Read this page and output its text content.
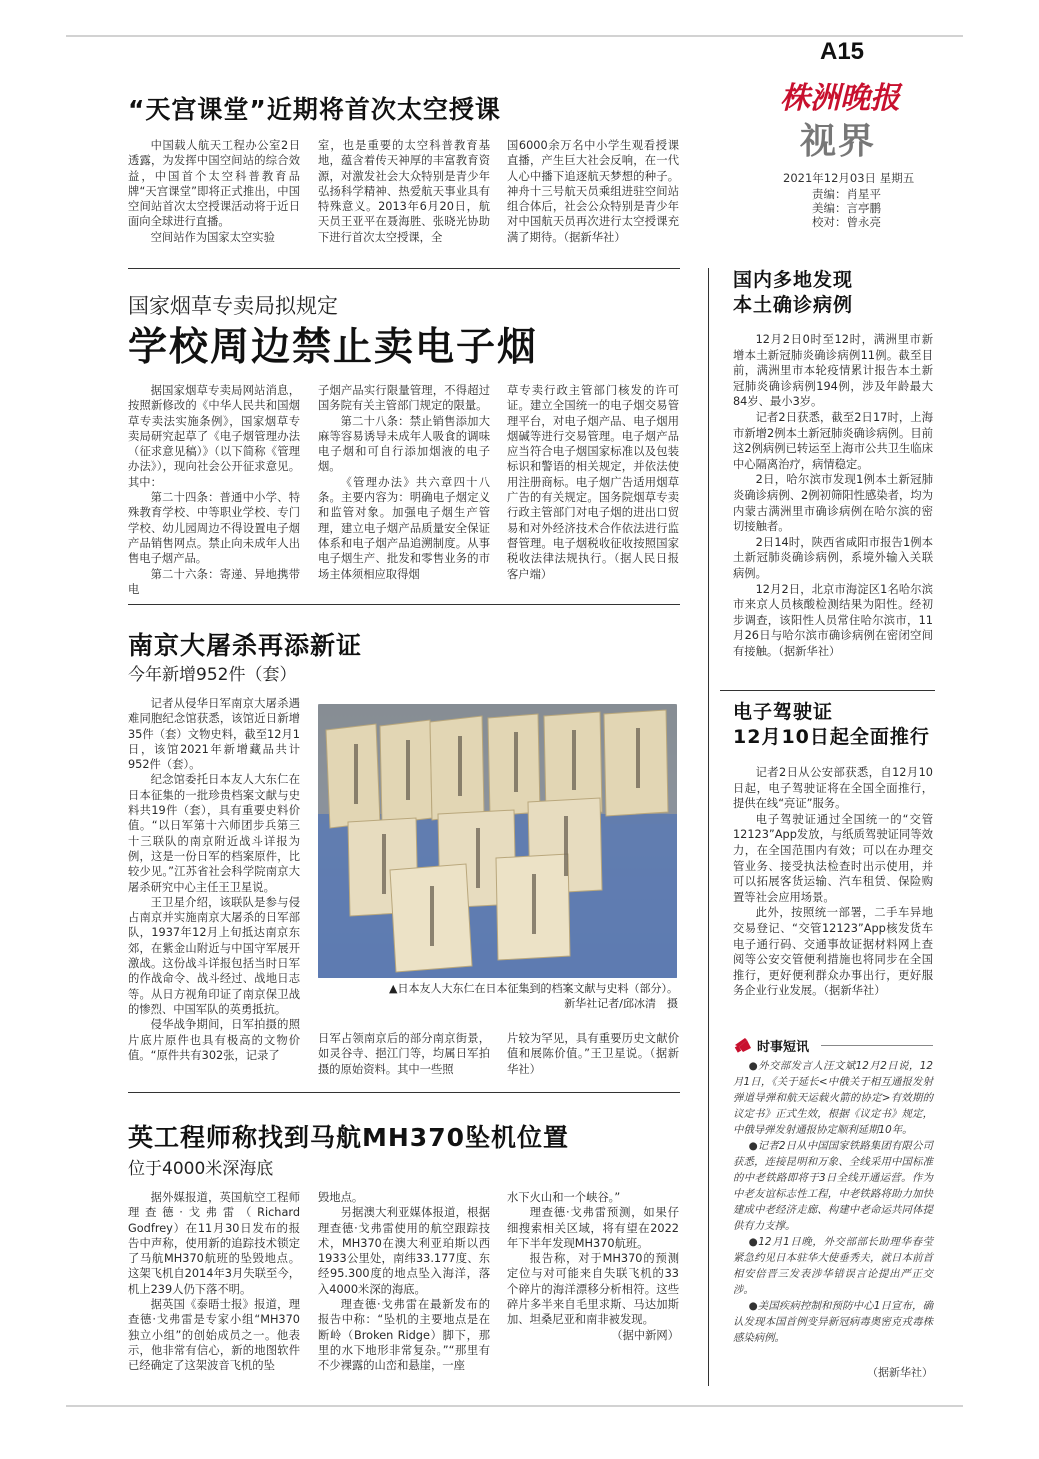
A15
株洲晚报
视界
2021年12月03日 星期五
责编：肖星平
美编：言亭鹏
校对：曾永亮
“天宫课堂”近期将首次太空授课

中国载人航天工程办公室2日透露，为发挥中国空间站的综合效益，中国首个太空科普教育品牌“天宫课堂”即将正式推出，中国空间站首次太空授课活动将于近日面向全球进行直播。

空间站作为国家太空实验

室，也是重要的太空科普教育基地，蕴含着传天神厚的丰富教育资源，对激发社会大众特别是青少年弘扬科学精神、热爱航天事业具有特殊意义。2013年6月20日，航天员王亚平在聂海胜、张晓光协助下进行首次太空授课，全

国6000余万名中小学生观看授课直播，产生巨大社会反响，在一代人心中播下追逐航天梦想的种子。神舟十三号航天员乘组进驻空间站组合体后，社会公众特别是青少年对中国航天员再次进行太空授课充满了期待。（据新华社）

国家烟草专卖局拟规定
学校周边禁止卖电子烟

据国家烟草专卖局网站消息，按照新修改的《中华人民共和国烟草专卖法实施条例》，国家烟草专卖局研究起草了《电子烟管理办法（征求意见稿）》（以下简称《管理办法》），现向社会公开征求意见。其中：

第二十四条：普通中小学、特殊教育学校、中等职业学校、专门学校、幼儿园周边不得设置电子烟产品销售网点。禁止向未成年人出售电子烟产品。

第二十六条：寄递、异地携带电

子烟产品实行限量管理，不得超过国务院有关主管部门规定的限量。

第二十八条：禁止销售添加大麻等容易诱导未成年人吸食的调味电子烟和可自行添加烟液的电子烟。

《管理办法》共六章四十八条。主要内容为：明确电子烟定义和监管对象。加强电子烟生产管理，建立电子烟产品质量安全保证体系和电子烟产品追溯制度。从事电子烟生产、批发和零售业务的市场主体须相应取得烟

草专卖行政主管部门核发的许可证。建立全国统一的电子烟交易管理平台，对电子烟产品、电子烟用烟碱等进行交易管理。电子烟产品应当符合电子烟国家标准以及包装标识和警语的相关规定，并依法使用注册商标。电子烟广告适用烟草广告的有关规定。国务院烟草专卖行政主管部门对电子烟的进出口贸易和对外经济技术合作依法进行监督管理。电子烟税收征收按照国家税收法律法规执行。（据人民日报客户端）

南京大屠杀再添新证
今年新增952件（套）

记者从侵华日军南京大屠杀遇难同胞纪念馆获悉，该馆近日新增35件（套）文物史料，截至12月1日，该馆2021年新增藏品共计952件（套）。

纪念馆委托日本友人大东仁在日本征集的一批珍贵档案文献与史料共19件（套），具有重要史料价值。“以日军第十六师团步兵第三十三联队的南京附近战斗详报为例，这是一份日军的档案原件，比较少见。”江苏省社会科学院南京大屠杀研究中心主任王卫星说。

王卫星介绍，该联队是参与侵占南京并实施南京大屠杀的日军部队，1937年12月上旬抵达南京东郊，在紫金山附近与中国守军展开激战。这份战斗详报包括当时日军的作战命令、战斗经过、战地日志等。从日方视角印证了南京保卫战的惨烈、中国军队的英勇抵抗。

侵华战争期间，日军拍摄的照片底片原件也具有极高的文物价值。“原件共有302张，记录了

▲日本友人大东仁在日本征集到的档案文献与史料（部分）。
新华社记者/邱冰清　摄

日军占领南京后的部分南京街景，如灵谷寺、挹江门等，均属日军拍摄的原始资料。其中一些照

片较为罕见，具有重要历史文献价值和展陈价值。”王卫星说。（据新华社）

英工程师称找到马航MH370坠机位置
位于4000米深海底

据外媒报道，英国航空工程师理查德·戈弗雷（Richard Godfrey）在11月30日发布的报告中声称，使用新的追踪技术锁定了马航MH370航班的坠毁地点。这架飞机自2014年3月失联至今，机上239人仍下落不明。

据英国《泰晤士报》报道，理查德·戈弗雷是专家小组“MH370独立小组”的创始成员之一。他表示，他非常有信心，新的地图软件已经确定了这架波音飞机的坠

毁地点。

另据澳大利亚媒体报道，根据理查德·戈弗雷使用的航空跟踪技术，MH370在澳大利亚珀斯以西1933公里处，南纬33.177度、东经95.300度的地点坠入海洋，落入4000米深的海底。

理查德·戈弗雷在最新发布的报告中称：“坠机的主要地点是在断岭（Broken Ridge）脚下，那里的水下地形非常复杂。”“那里有不少裸露的山峦和悬崖，一座

水下火山和一个峡谷。”

理查德·戈弗雷预测，如果仔细搜索相关区域，将有望在2022年下半年发现MH370航班。

报告称，对于MH370的预测定位与对可能来自失联飞机的33个碎片的海洋漂移分析相符。这些碎片多半来自毛里求斯、马达加斯加、坦桑尼亚和南非被发现。

（据中新网）

国内多地发现
本土确诊病例

12月2日0时至12时，满洲里市新增本土新冠肺炎确诊病例11例。截至目前，满洲里市本轮疫情累计报告本土新冠肺炎确诊病例194例，涉及年龄最大84岁、最小3岁。

记者2日获悉，截至2日17时，上海市新增2例本土新冠肺炎确诊病例。目前这2例病例已转运至上海市公共卫生临床中心隔离治疗，病情稳定。

2日，哈尔滨市发现1例本土新冠肺炎确诊病例、2例初筛阳性感染者，均为内蒙古满洲里市确诊病例在哈尔滨的密切接触者。

2日14时，陕西省咸阳市报告1例本土新冠肺炎确诊病例，系境外输入关联病例。

12月2日，北京市海淀区1名哈尔滨市来京人员核酸检测结果为阳性。经初步调查，该阳性人员常住哈尔滨市，11月26日与哈尔滨市确诊病例在密闭空间有接触。（据新华社）

电子驾驶证
12月10日起全面推行

记者2日从公安部获悉，自12月10日起，电子驾驶证将在全国全面推行，提供在线“亮证”服务。

电子驾驶证通过全国统一的“交管12123”App发放，与纸质驾驶证同等效力，在全国范围内有效；可以在办理交管业务、接受执法检查时出示使用，并可以拓展客货运输、汽车租赁、保险购置等社会应用场景。

此外，按照统一部署，二手车异地交易登记、“交管12123”App核发货车电子通行码、交通事故证据材料网上查阅等公安交管便利措施也将同步在全国推行，更好便利群众办事出行，更好服务企业行业发展。（据新华社）

时事短讯

●外交部发言人汪文斌12月2日说，12月1日，《关于延长<中俄关于相互通报发射弹道导弹和航天运载火箭的协定>有效期的议定书》正式生效，根据《议定书》规定，中俄导弹发射通报协定顺利延期10年。

●记者2日从中国国家铁路集团有限公司获悉，连接昆明和万象、全线采用中国标准的中老铁路即将于3日全线开通运营。作为中老友谊标志性工程，中老铁路将助力加快建成中老经济走廊、构建中老命运共同体提供有力支撑。

●12月1日晚，外交部部长助理华春莹紧急约见日本驻华大使垂秀夫，就日本前首相安倍晋三发表涉华错误言论提出严正交涉。

●美国疾病控制和预防中心1日宣布，确认发现本国首例变异新冠病毒奥密克戎毒株感染病例。

（据新华社）
